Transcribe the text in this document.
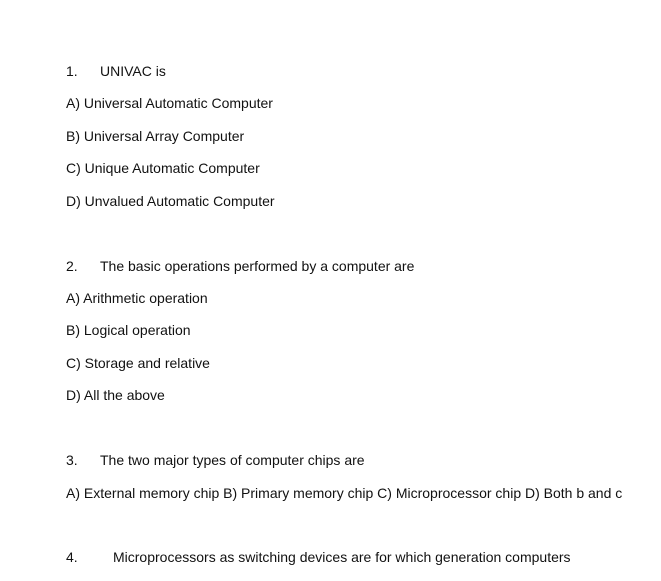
1. UNIVAC is
A) Universal Automatic Computer
B) Universal Array Computer
C) Unique Automatic Computer
D) Unvalued Automatic Computer
2. The basic operations performed by a computer are
A) Arithmetic operation
B) Logical operation
C) Storage and relative
D) All the above
3. The two major types of computer chips are
A) External memory chip B) Primary memory chip C) Microprocessor chip D) Both b and c
4.	Microprocessors as switching devices are for which generation computers
